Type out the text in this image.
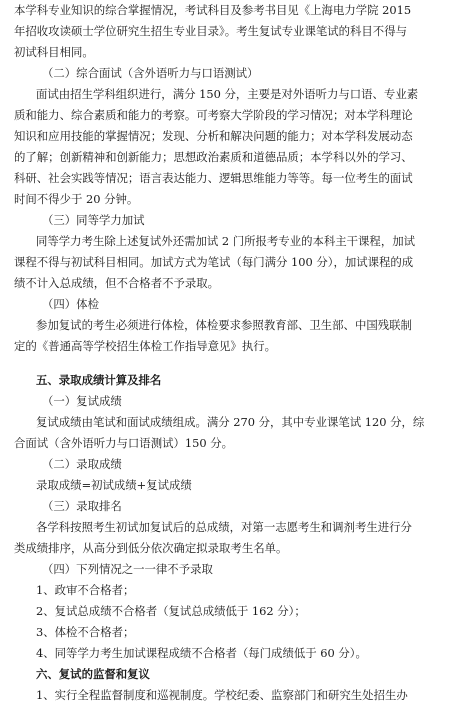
本学科专业知识的综合掌握情况，考试科目及参考书目见《上海电力学院 2015
年招收攻读硕士学位研究生招生专业目录》。考生复试专业课笔试的科目不得与
初试科目相同。
（二）综合面试（含外语听力与口语测试）
面试由招生学科组织进行，满分 150 分，主要是对外语听力与口语、专业素
质和能力、综合素质和能力的考察。可考察大学阶段的学习情况；对本学科理论
知识和应用技能的掌握情况；发现、分析和解决问题的能力；对本学科发展动态
的了解；创新精神和创新能力；思想政治素质和道德品质；本学科以外的学习、
科研、社会实践等情况；语言表达能力、逻辑思维能力等等。每一位考生的面试
时间不得少于 20 分钟。
（三）同等学力加试
同等学力考生除上述复试外还需加试 2 门所报考专业的本科主干课程，加试
课程不得与初试科目相同。加试方式为笔试（每门满分 100 分），加试课程的成
绩不计入总成绩，但不合格者不予录取。
（四）体检
参加复试的考生必须进行体检，体检要求参照教育部、卫生部、中国残联制
定的《普通高等学校招生体检工作指导意见》执行。
五、录取成绩计算及排名
（一）复试成绩
复试成绩由笔试和面试成绩组成。满分 270 分，其中专业课笔试 120 分，综
合面试（含外语听力与口语测试）150 分。
（二）录取成绩
录取成绩=初试成绩+复试成绩
（三）录取排名
各学科按照考生初试加复试后的总成绩，对第一志愿考生和调剂考生进行分
类成绩排序，从高分到低分依次确定拟录取考生名单。
（四）下列情况之一一律不予录取
1、政审不合格者；
2、复试总成绩不合格者（复试总成绩低于 162 分）；
3、体检不合格者；
4、同等学力考生加试课程成绩不合格者（每门成绩低于 60 分）。
六、复试的监督和复议
1、实行全程监督制度和巡视制度。学校纪委、监察部门和研究生处招生办
